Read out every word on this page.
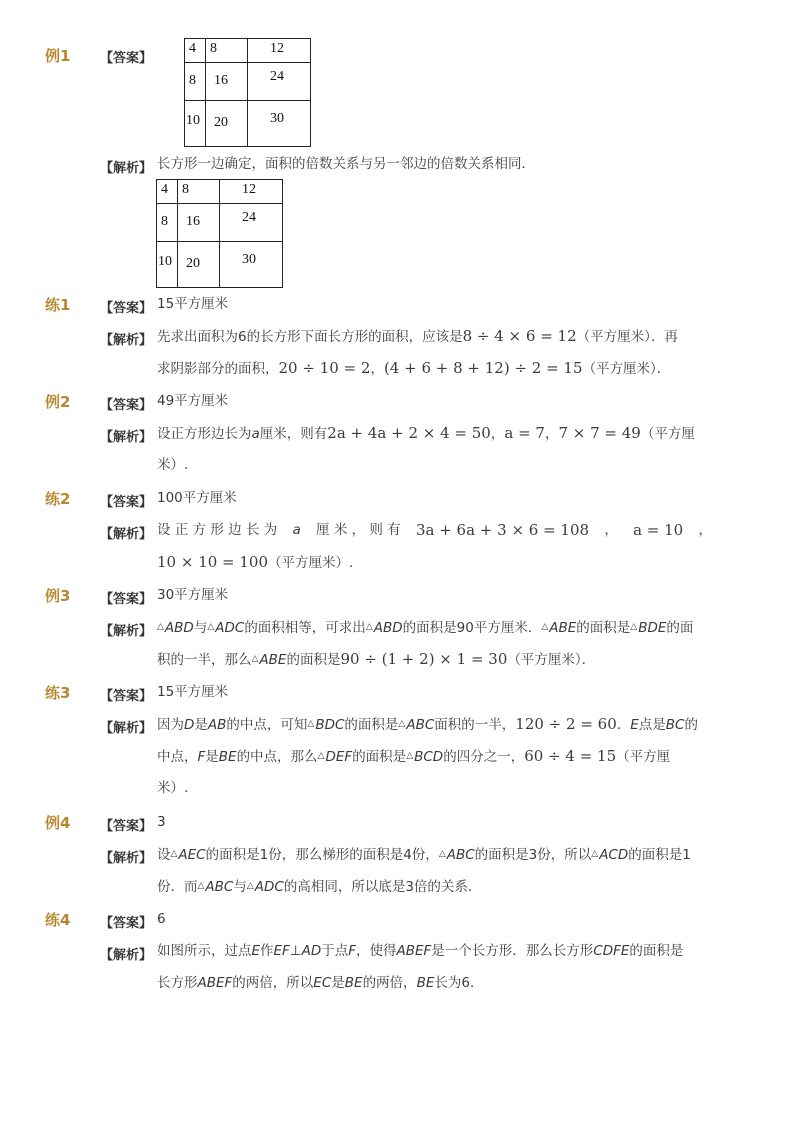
例1 【答案】
4	8	12

8	16	24

10	20	30
【解析】 长方形一边确定，面积的倍数关系与另一邻边的倍数关系相同．
4	8	12

8	16	24

10	20	30
练1 【答案】 15平方厘米
【解析】 先求出面积为6的长方形下面长方形的面积，应该是8 ÷ 4 × 6 = 12（平方厘米）．再
求阴影部分的面积，20 ÷ 10 = 2，(4 + 6 + 8 + 12) ÷ 2 = 15（平方厘米）．
例2 【答案】 49平方厘米
【解析】 设正方形边长为a厘米，则有2a + 4a + 2 × 4 = 50，a = 7，7 × 7 = 49（平方厘
米）.
练2 【答案】 100平方厘米
【解析】 设 正 方 形 边 长 为 a 厘 米 ， 则 有 3a + 6a + 3 × 6 = 108 ， a = 10 ，
10 × 10 = 100（平方厘米）.
例3 【答案】 30平方厘米
【解析】 △ABD与△ADC的面积相等，可求出△ABD的面积是90平方厘米．△ABE的面积是△BDE的面
积的一半，那么△ABE的面积是90 ÷ (1 + 2) × 1 = 30（平方厘米）．
练3 【答案】 15平方厘米
【解析】 因为D是AB的中点，可知△BDC的面积是△ABC面积的一半，120 ÷ 2 = 60．E点是BC的
中点，F是BE的中点，那么△DEF的面积是△BCD的四分之一，60 ÷ 4 = 15（平方厘
米）.
例4 【答案】 3
【解析】 设△AEC的面积是1份，那么梯形的面积是4份，△ABC的面积是3份，所以△ACD的面积是1
份．而△ABC与△ADC的高相同，所以底是3倍的关系．
练4 【答案】 6
【解析】 如图所示，过点E作EF⊥AD于点F，使得ABEF是一个长方形．那么长方形CDFE的面积是
长方形ABEF的两倍，所以EC是BE的两倍，BE长为6．
